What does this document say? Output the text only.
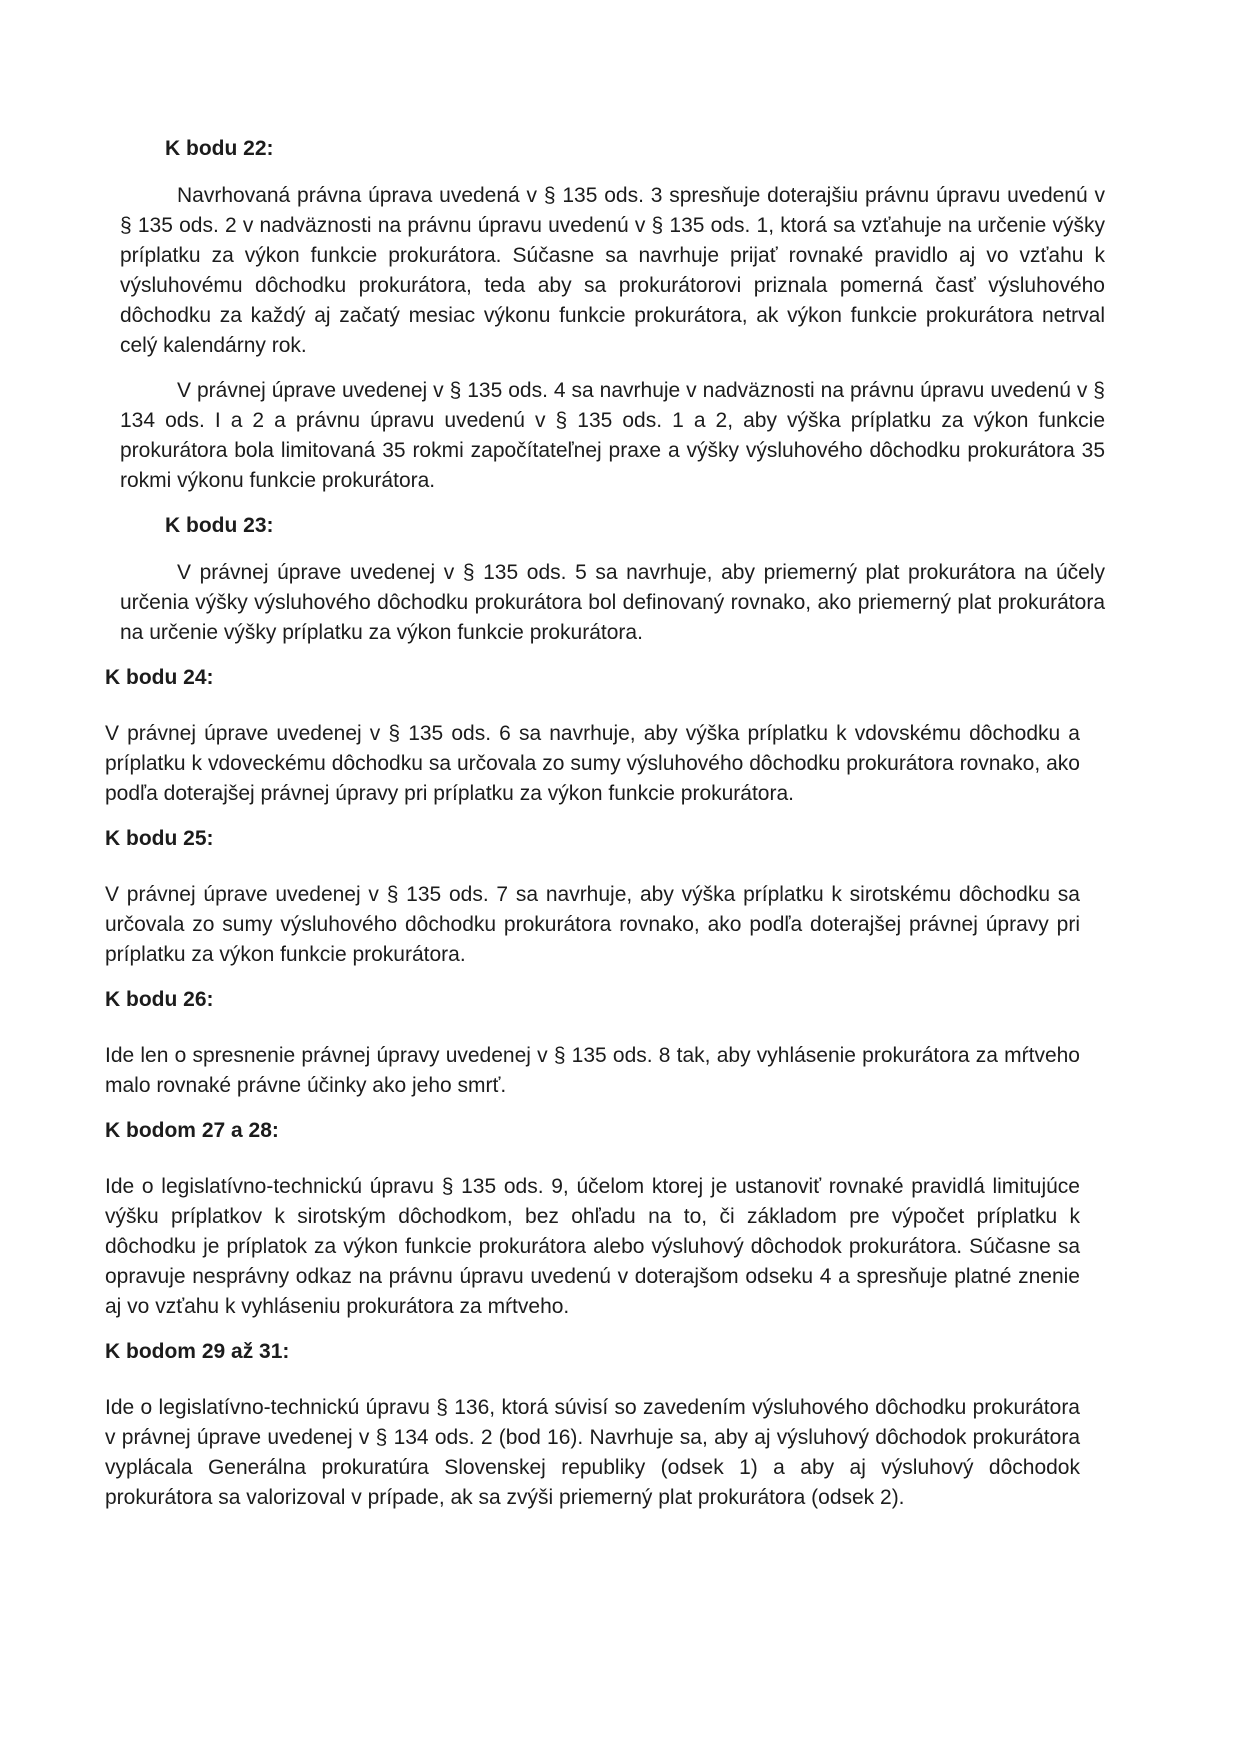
K bodu 22:

Navrhovaná právna úprava uvedená v § 135 ods. 3 spresňuje doterajšiu právnu úpravu uvedenú v § 135 ods. 2 v nadväznosti na právnu úpravu uvedenú v § 135 ods. 1, ktorá sa vzťahuje na určenie výšky príplatku za výkon funkcie prokurátora. Súčasne sa navrhuje prijať rovnaké pravidlo aj vo vzťahu k výsluhovému dôchodku prokurátora, teda aby sa prokurátorovi priznala pomerná časť výsluhového dôchodku za každý aj začatý mesiac výkonu funkcie prokurátora, ak výkon funkcie prokurátora netrval celý kalendárny rok.

V právnej úprave uvedenej v § 135 ods. 4 sa navrhuje v nadväznosti na právnu úpravu uvedenú v § 134 ods. I a 2 a právnu úpravu uvedenú v § 135 ods. 1 a 2, aby výška príplatku za výkon funkcie prokurátora bola limitovaná 35 rokmi započítateľnej praxe a výšky výsluhového dôchodku prokurátora 35 rokmi výkonu funkcie prokurátora.

K bodu 23:

V právnej úprave uvedenej v § 135 ods. 5 sa navrhuje, aby priemerný plat prokurátora na účely určenia výšky výsluhového dôchodku prokurátora bol definovaný rovnako, ako priemerný plat prokurátora na určenie výšky príplatku za výkon funkcie prokurátora.

K bodu 24:

V právnej úprave uvedenej v § 135 ods. 6 sa navrhuje, aby výška príplatku k vdovskému dôchodku a príplatku k vdoveckému dôchodku sa určovala zo sumy výsluhového dôchodku prokurátora rovnako, ako podľa doterajšej právnej úpravy pri príplatku za výkon funkcie prokurátora.

K bodu 25:

V právnej úprave uvedenej v § 135 ods. 7 sa navrhuje, aby výška príplatku k sirotskému dôchodku sa určovala zo sumy výsluhového dôchodku prokurátora rovnako, ako podľa doterajšej právnej úpravy pri príplatku za výkon funkcie prokurátora.

K bodu 26:

Ide len o spresnenie právnej úpravy uvedenej v § 135 ods. 8 tak, aby vyhlásenie prokurátora za mŕtveho malo rovnaké právne účinky ako jeho smrť.

K bodom 27 a 28:

Ide o legislatívno-technickú úpravu § 135 ods. 9, účelom ktorej je ustanoviť rovnaké pravidlá limitujúce výšku príplatkov k sirotským dôchodkom, bez ohľadu na to, či základom pre výpočet príplatku k dôchodku je príplatok za výkon funkcie prokurátora alebo výsluhový dôchodok prokurátora. Súčasne sa opravuje nesprávny odkaz na právnu úpravu uvedenú v doterajšom odseku 4 a spresňuje platné znenie aj vo vzťahu k vyhláseniu prokurátora za mŕtveho.

K bodom 29 až 31:

Ide o legislatívno-technickú úpravu § 136, ktorá súvisí so zavedením výsluhového dôchodku prokurátora v právnej úprave uvedenej v § 134 ods. 2 (bod 16). Navrhuje sa, aby aj výsluhový dôchodok prokurátora vyplácala Generálna prokuratúra Slovenskej republiky (odsek 1) a aby aj výsluhový dôchodok prokurátora sa valorizoval v prípade, ak sa zvýši priemerný plat prokurátora (odsek 2).
